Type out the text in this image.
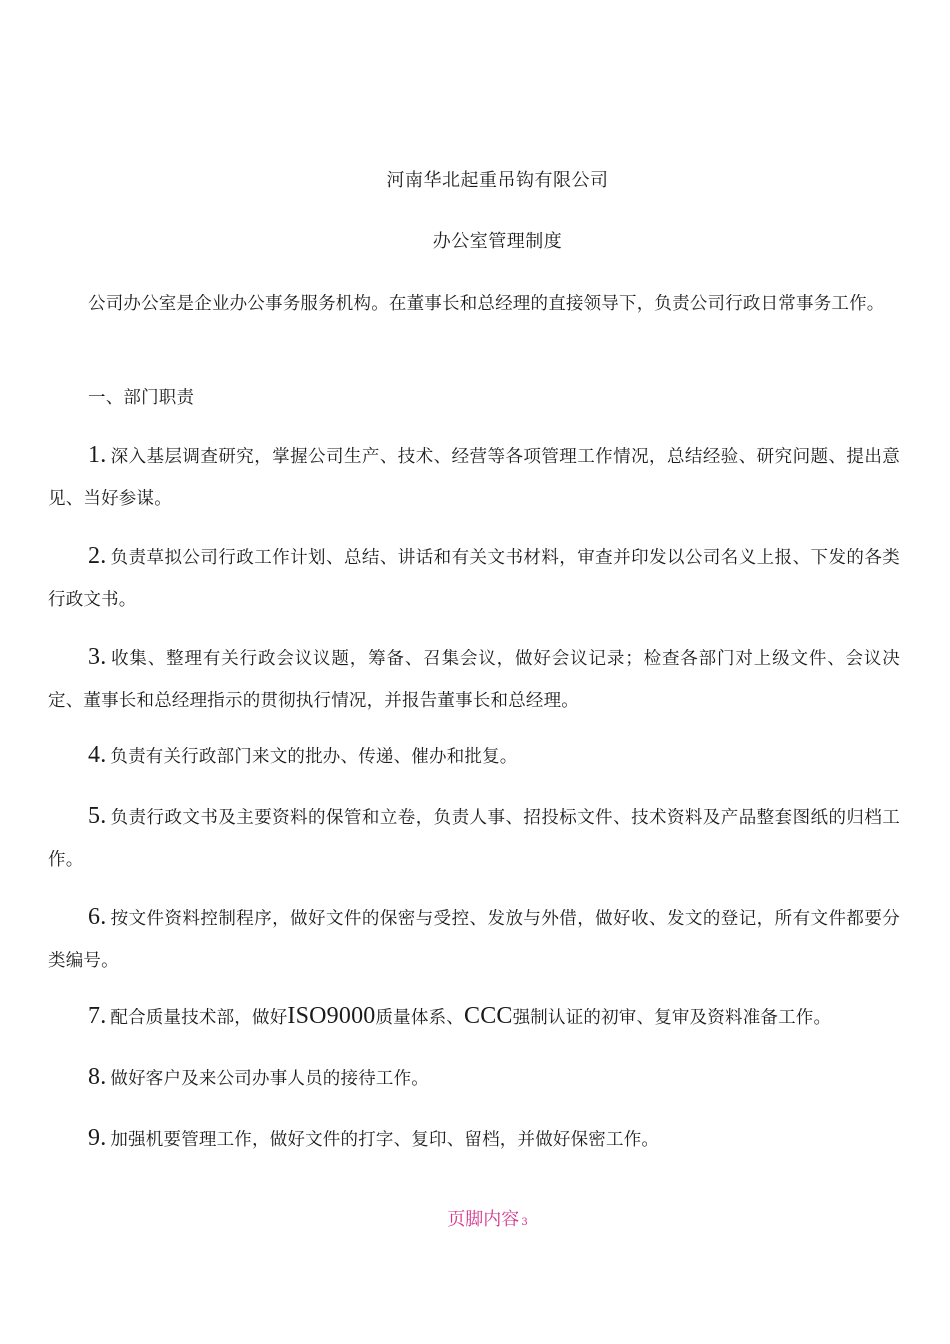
河南华北起重吊钩有限公司
办公室管理制度
公司办公室是企业办公事务服务机构。在董事长和总经理的直接领导下，负责公司行政日常事务工作。
一、部门职责
1. 深入基层调查研究，掌握公司生产、技术、经营等各项管理工作情况，总结经验、研究问题、提出意见、当好参谋。
2. 负责草拟公司行政工作计划、总结、讲话和有关文书材料，审查并印发以公司名义上报、下发的各类行政文书。
3. 收集、整理有关行政会议议题，筹备、召集会议，做好会议记录；检查各部门对上级文件、会议决定、董事长和总经理指示的贯彻执行情况，并报告董事长和总经理。
4. 负责有关行政部门来文的批办、传递、催办和批复。
5. 负责行政文书及主要资料的保管和立卷，负责人事、招投标文件、技术资料及产品整套图纸的归档工作。
6. 按文件资料控制程序，做好文件的保密与受控、发放与外借，做好收、发文的登记，所有文件都要分类编号。
7. 配合质量技术部，做好ISO9000质量体系、CCC强制认证的初审、复审及资料准备工作。
8. 做好客户及来公司办事人员的接待工作。
9. 加强机要管理工作，做好文件的打字、复印、留档，并做好保密工作。
页脚内容 3
